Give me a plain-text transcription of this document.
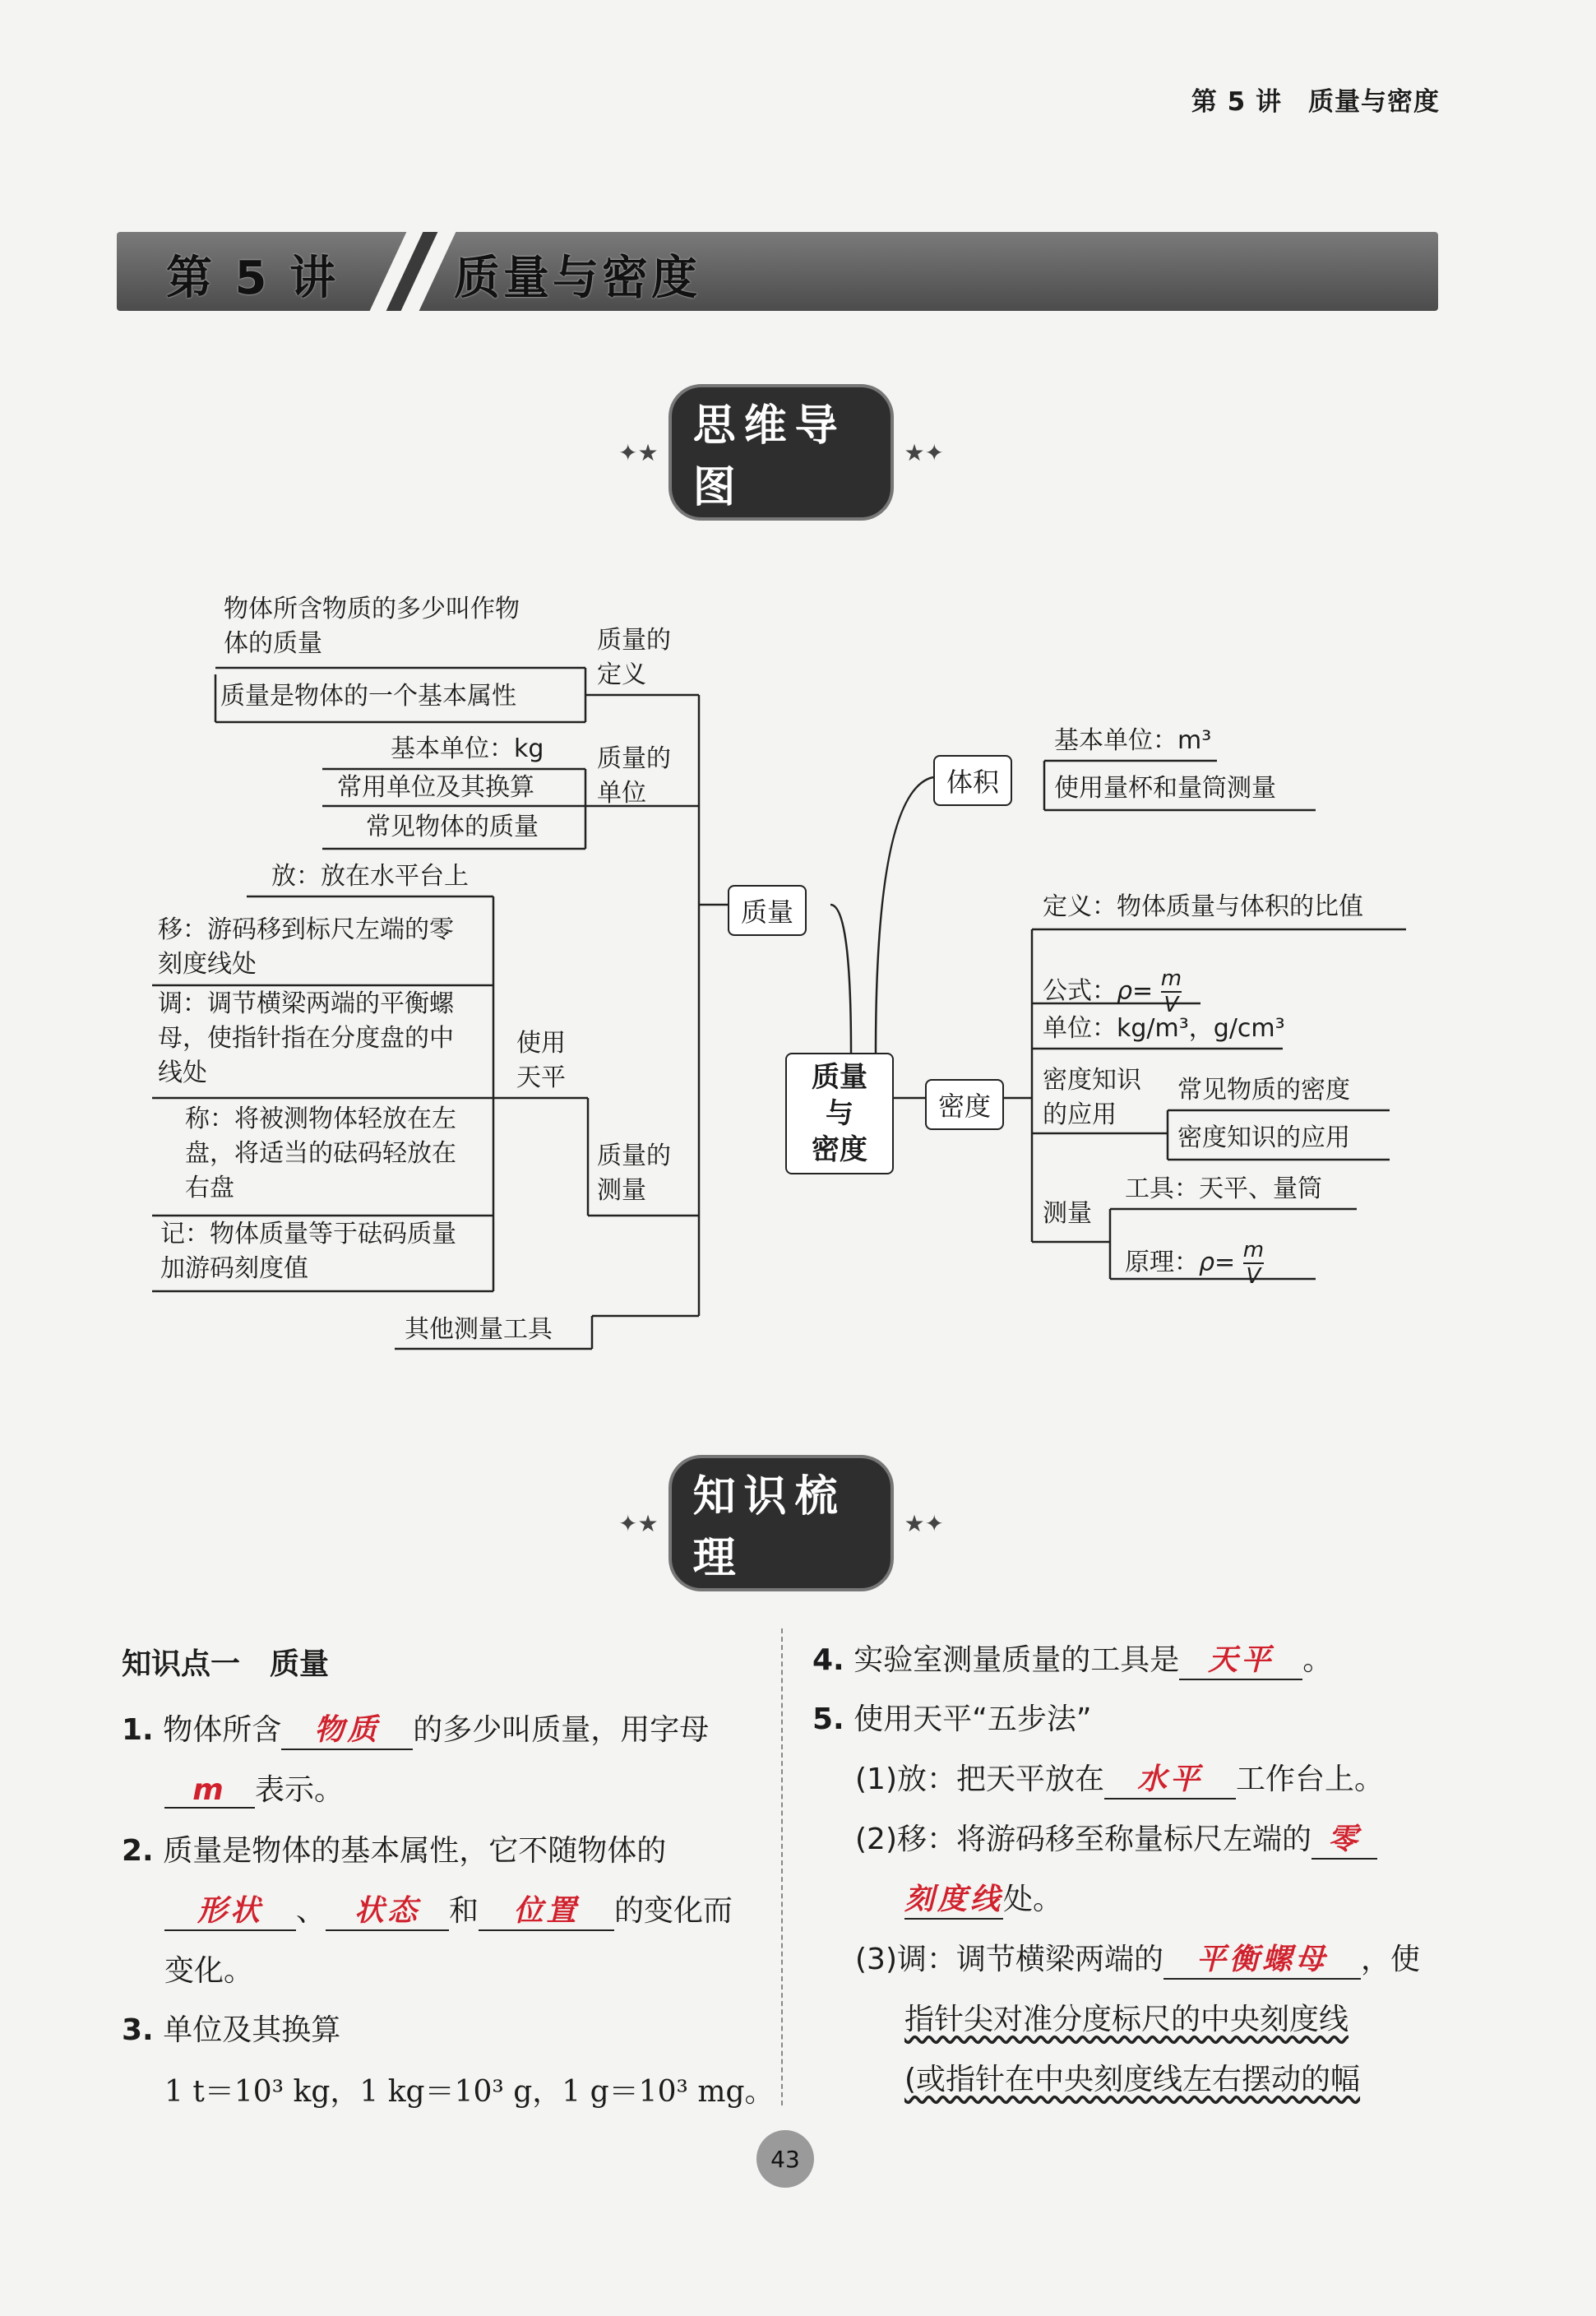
第 5 讲　质量与密度
第 5 讲	质量与密度
✦★
思维导图
★✦
物体所含物质的多少叫作物
体的质量
质量是物体的一个基本属性
质量的
定义
基本单位：kg
常用单位及其换算
常见物体的质量
质量的
单位
放：放在水平台上
移：游码移到标尺左端的零
刻度线处
调：调节横梁两端的平衡螺
母，使指针指在分度盘的中
线处
称：将被测物体轻放在左
盘，将适当的砝码轻放在
右盘
记：物体质量等于砝码质量
加游码刻度值
使用
天平
质量的
测量
其他测量工具
质量
质量与
密度
体积
密度
基本单位：m³
使用量杯和量筒测量
定义：物体质量与体积的比值
公式：$\rho= \frac{m}{V}$
单位：kg/m³，g/cm³
密度知识
的应用
常见物质的密度
密度知识的应用
测量
工具：天平、量筒
原理：$\rho= \frac{m}{V}$
✦★
知识梳理
★✦
知识点一　质量
1. 物体所含 物质 的多少叫质量，用字母
m 表示。
2. 质量是物体的基本属性，它不随物体的
形状 、 状态 和 位置 的变化而
变化。
3. 单位及其换算
1 t＝10³ kg，1 kg＝10³ g，1 g＝10³ mg。
4. 实验室测量质量的工具是 天平 。
5. 使用天平“五步法”
(1)放：把天平放在 水平 工作台上。
(2)移：将游码移至称量标尺左端的 零
刻度线处。
(3)调：调节横梁两端的 平衡螺母 ，使
指针尖对准分度标尺的中央刻度线
(或指针在中央刻度线左右摆动的幅
43
